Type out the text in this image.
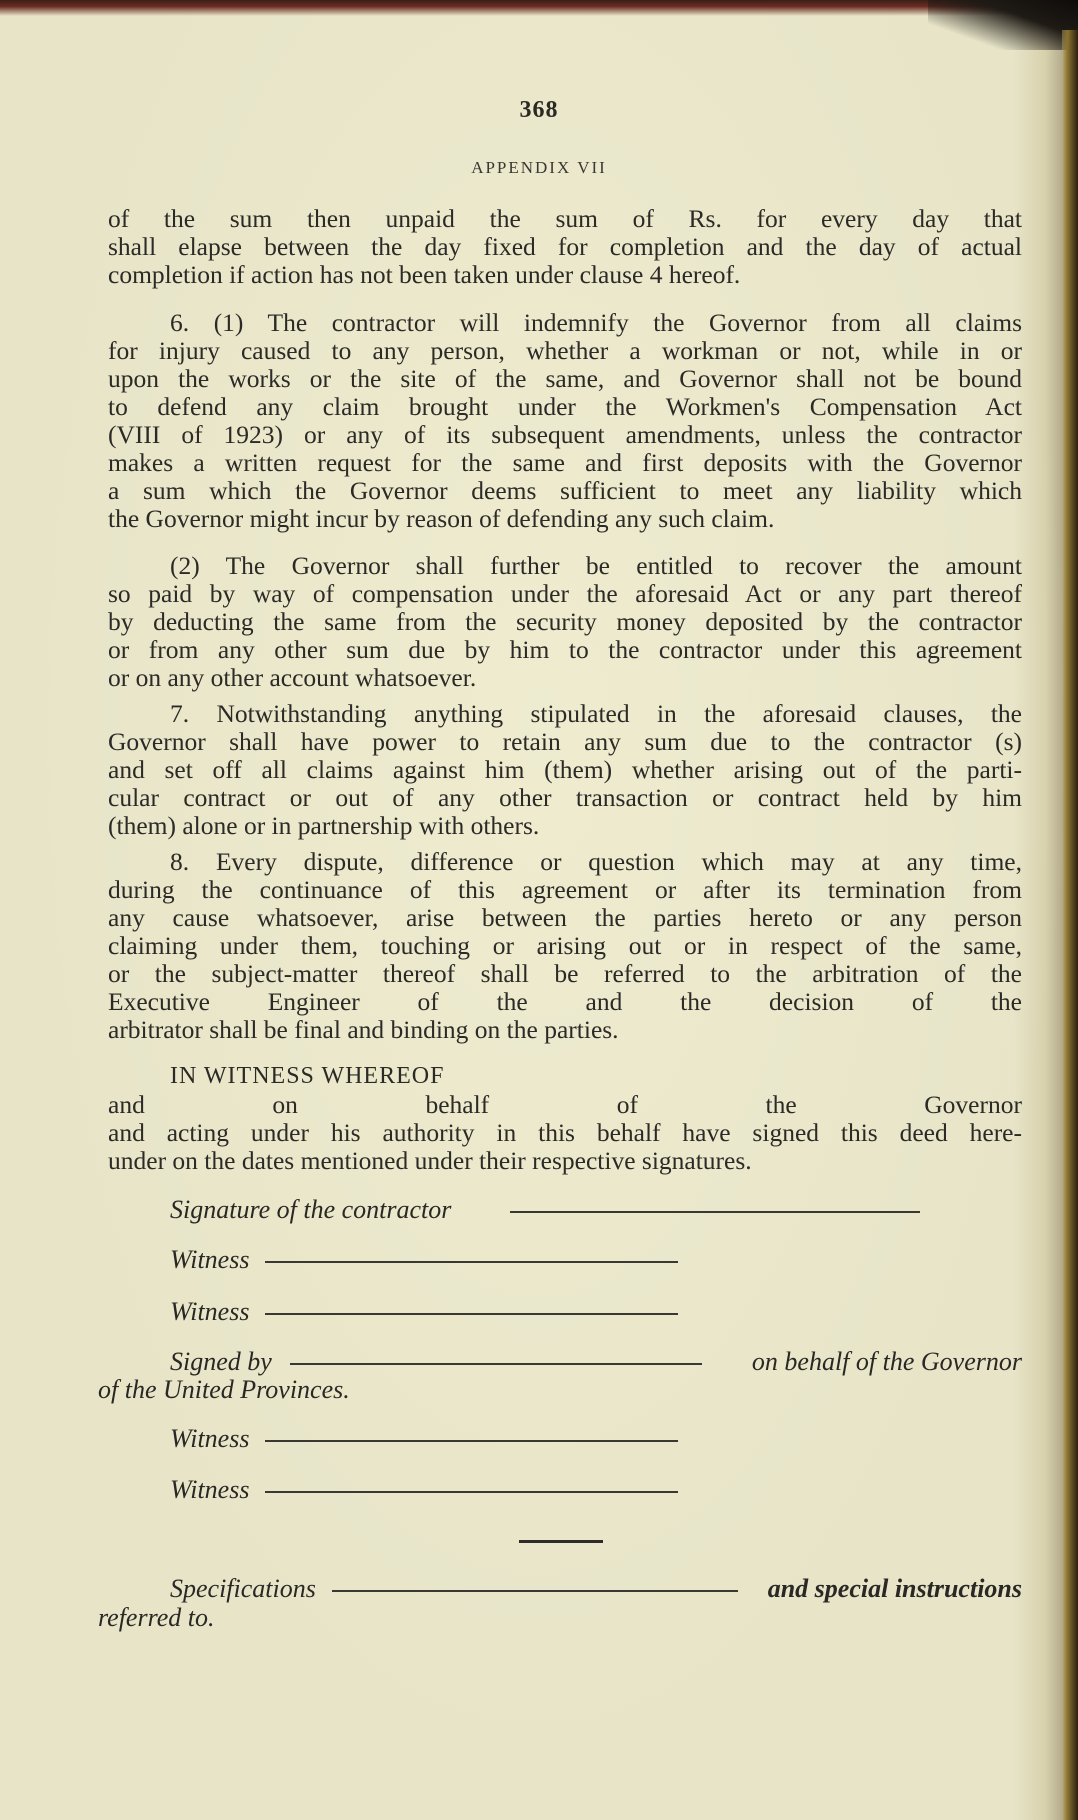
368
APPENDIX VII
of the sum then unpaid the sum of Rs. for every day that
shall elapse between the day fixed for completion and the day of actual
completion if action has not been taken under clause 4 hereof.
6. (1) The contractor will indemnify the Governor from all claims
for injury caused to any person, whether a workman or not, while in or
upon the works or the site of the same, and Governor shall not be bound
to defend any claim brought under the Workmen's Compensation Act
(VIII of 1923) or any of its subsequent amendments, unless the contractor
makes a written request for the same and first deposits with the Governor
a sum which the Governor deems sufficient to meet any liability which
the Governor might incur by reason of defending any such claim.
(2) The Governor shall further be entitled to recover the amount
so paid by way of compensation under the aforesaid Act or any part thereof
by deducting the same from the security money deposited by the contractor
or from any other sum due by him to the contractor under this agreement
or on any other account whatsoever.
7. Notwithstanding anything stipulated in the aforesaid clauses, the
Governor shall have power to retain any sum due to the contractor (s)
and set off all claims against him (them) whether arising out of the parti-
cular contract or out of any other transaction or contract held by him
(them) alone or in partnership with others.
8. Every dispute, difference or question which may at any time,
during the continuance of this agreement or after its termination from
any cause whatsoever, arise between the parties hereto or any person
claiming under them, touching or arising out or in respect of the same,
or the subject-matter thereof shall be referred to the arbitration of the
Executive Engineer of the and the decision of the
arbitrator shall be final and binding on the parties.
IN WITNESS WHEREOF
and on behalf of the Governor
and acting under his authority in this behalf have signed this deed here-
under on the dates mentioned under their respective signatures.
Signature of the contractor
Witness
Witness
Signed by	on behalf of the Governor
of the United Provinces.
Witness
Witness
Specifications	and special instructions
referred to.
